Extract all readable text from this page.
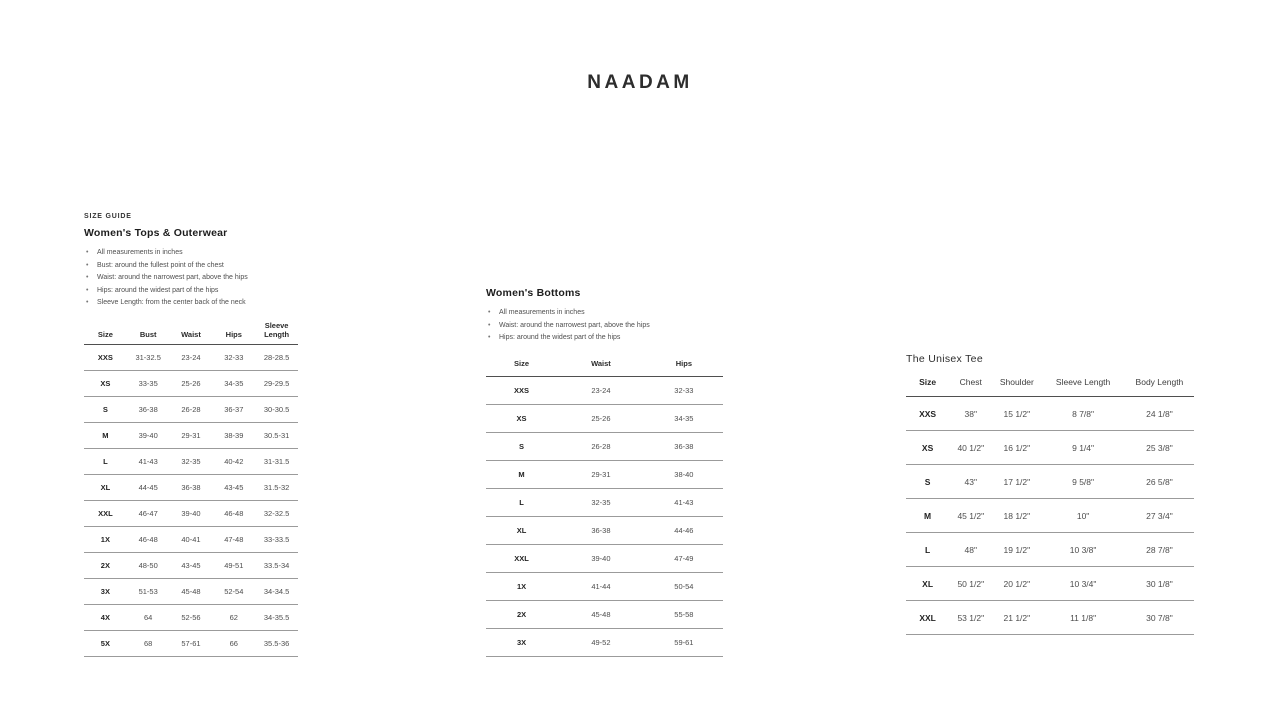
NAADAM
SIZE GUIDE
Women's Tops & Outerwear
• All measurements in inches
• Bust: around the fullest point of the chest
• Waist: around the narrowest part, above the hips
• Hips: around the widest part of the hips
• Sleeve Length: from the center back of the neck
Size	Bust	Waist	Hips	Sleeve Length
XXS	31-32.5	23-24	32-33	28-28.5
XS	33-35	25-26	34-35	29-29.5
S	36-38	26-28	36-37	30-30.5
M	39-40	29-31	38-39	30.5-31
L	41-43	32-35	40-42	31-31.5
XL	44-45	36-38	43-45	31.5-32
XXL	46-47	39-40	46-48	32-32.5
1X	46-48	40-41	47-48	33-33.5
2X	48-50	43-45	49-51	33.5-34
3X	51-53	45-48	52-54	34-34.5
4X	64	52-56	62	34-35.5
5X	68	57-61	66	35.5-36
Women's Bottoms
• All measurements in inches
• Waist: around the narrowest part, above the hips
• Hips: around the widest part of the hips
Size	Waist	Hips
XXS	23-24	32-33
XS	25-26	34-35
S	26-28	36-38
M	29-31	38-40
L	32-35	41-43
XL	36-38	44-46
XXL	39-40	47-49
1X	41-44	50-54
2X	45-48	55-58
3X	49-52	59-61
The Unisex Tee
Size	Chest	Shoulder	Sleeve Length	Body Length
XXS	38"	15 1/2"	8 7/8"	24 1/8"
XS	40 1/2"	16 1/2"	9 1/4"	25 3/8"
S	43"	17 1/2"	9 5/8"	26 5/8"
M	45 1/2"	18 1/2"	10"	27 3/4"
L	48"	19 1/2"	10 3/8"	28 7/8"
XL	50 1/2"	20 1/2"	10 3/4"	30 1/8"
XXL	53 1/2"	21 1/2"	11 1/8"	30 7/8"
